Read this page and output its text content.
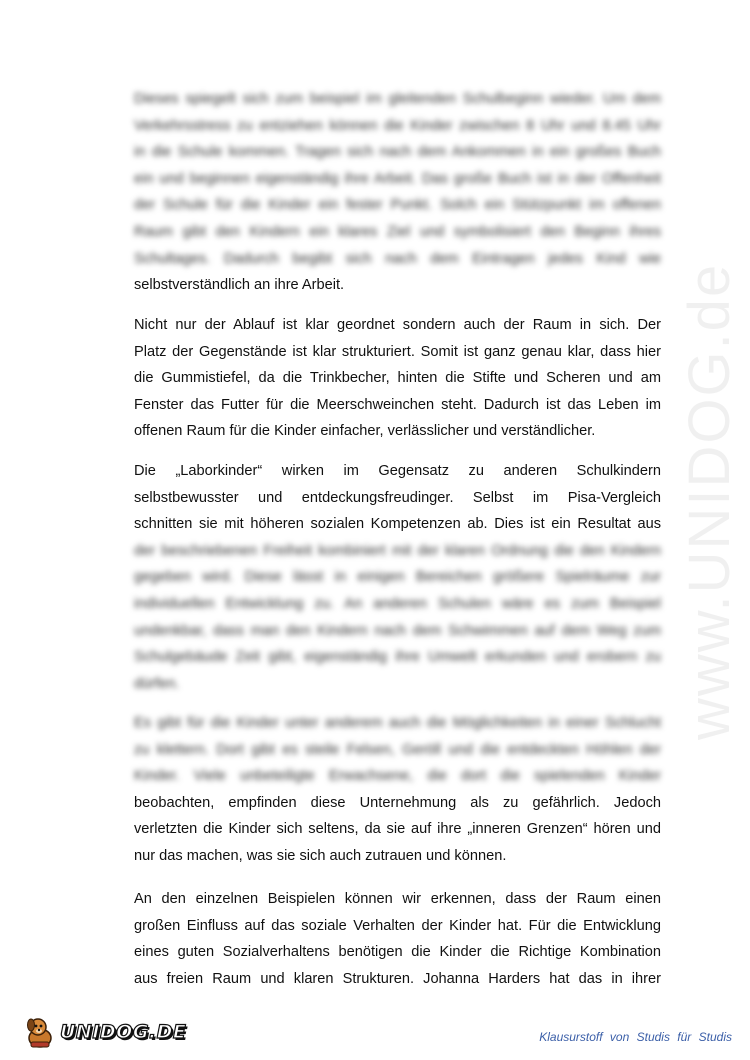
Dieses spiegelt sich zum beispiel im gleitenden Schulbeginn wieder. Um dem
Verkehrsstress zu entziehen können die Kinder zwischen 8 Uhr und 8.45 Uhr
in die Schule kommen. Tragen sich nach dem Ankommen in ein großes Buch
ein und beginnen eigenständig ihre Arbeit. Das große Buch ist in der Offenheit
der Schule für die Kinder ein fester Punkt. Solch ein Stützpunkt im offenen
Raum gibt den Kindern ein klares Ziel und symbolisiert den Beginn ihres
Schultages. Dadurch begibt sich nach dem Eintragen jedes Kind wie
selbstverständlich an ihre Arbeit.
Nicht nur der Ablauf ist klar geordnet sondern auch der Raum in sich. Der
Platz der Gegenstände ist klar strukturiert. Somit ist ganz genau klar, dass hier
die Gummistiefel, da die Trinkbecher, hinten die Stifte und Scheren und am
Fenster das Futter für die Meerschweinchen steht. Dadurch ist das Leben im
offenen Raum für die Kinder einfacher, verlässlicher und verständlicher.
Die „Laborkinder“ wirken im Gegensatz zu anderen Schulkindern
selbstbewusster und entdeckungsfreudinger. Selbst im Pisa-Vergleich
schnitten sie mit höheren sozialen Kompetenzen ab. Dies ist ein Resultat aus
der beschriebenen Freiheit kombiniert mit der klaren Ordnung die den Kindern
gegeben wird. Diese lässt in einigen Bereichen größere Spielräume zur
individuellen Entwicklung zu. An anderen Schulen wäre es zum Beispiel
undenkbar, dass man den Kindern nach dem Schwimmen auf dem Weg zum
Schulgebäude Zeit gibt, eigenständig ihre Umwelt erkunden und erobern zu
dürfen.
Es gibt für die Kinder unter anderem auch die Möglichkeiten in einer Schlucht
zu klettern. Dort gibt es steile Felsen, Geröll und die entdeckten Höhlen der
Kinder. Viele unbeteiligte Erwachsene, die dort die spielenden Kinder
beobachten, empfinden diese Unternehmung als zu gefährlich. Jedoch
verletzten die Kinder sich seltens, da sie auf ihre „inneren Grenzen“ hören und
nur das machen, was sie sich auch zutrauen und können.
An den einzelnen Beispielen können wir erkennen, dass der Raum einen
großen Einfluss auf das soziale Verhalten der Kinder hat. Für die Entwicklung
eines guten Sozialverhaltens benötigen die Kinder die Richtige Kombination
aus freien Raum und klaren Strukturen. Johanna Harders hat das in ihrer
www.UNIDOG.de
UNIDOG.DE	Klausurstoff von Studis für Studis
